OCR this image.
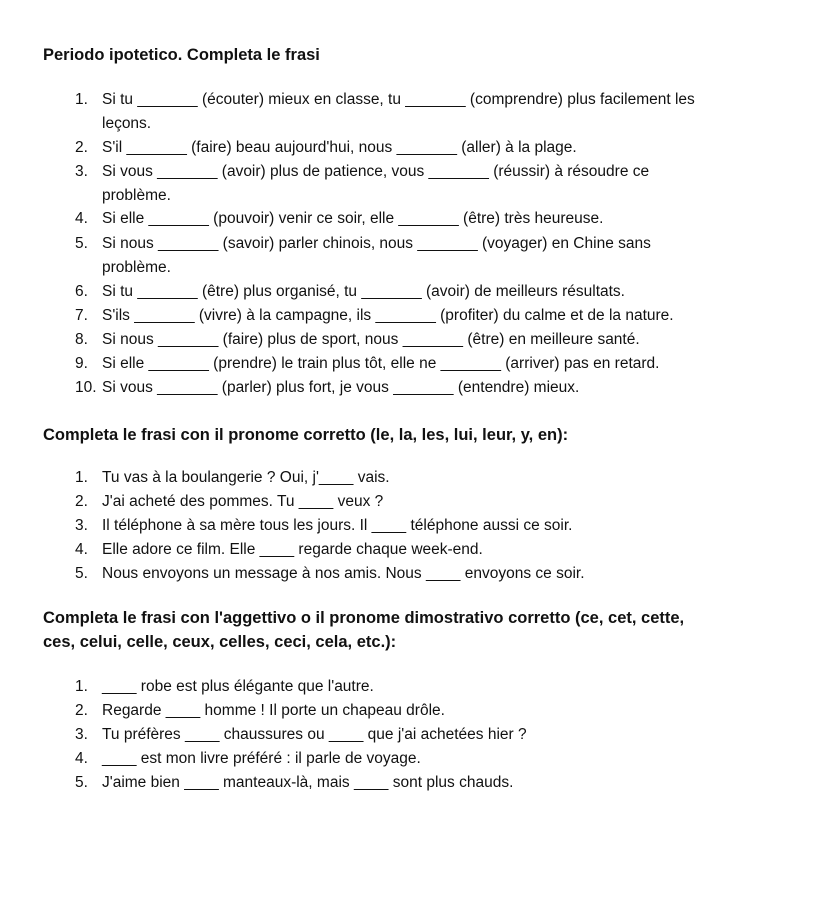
Periodo ipotetico. Completa le frasi
1. Si tu _______ (écouter) mieux en classe, tu _______ (comprendre) plus facilement les
leçons.
2. S'il _______ (faire) beau aujourd'hui, nous _______ (aller) à la plage.
3. Si vous _______ (avoir) plus de patience, vous _______ (réussir) à résoudre ce
problème.
4. Si elle _______ (pouvoir) venir ce soir, elle _______ (être) très heureuse.
5. Si nous _______ (savoir) parler chinois, nous _______ (voyager) en Chine sans
problème.
6. Si tu _______ (être) plus organisé, tu _______ (avoir) de meilleurs résultats.
7. S'ils _______ (vivre) à la campagne, ils _______ (profiter) du calme et de la nature.
8. Si nous _______ (faire) plus de sport, nous _______ (être) en meilleure santé.
9. Si elle _______ (prendre) le train plus tôt, elle ne _______ (arriver) pas en retard.
10. Si vous _______ (parler) plus fort, je vous _______ (entendre) mieux.
Completa le frasi con il pronome corretto (le, la, les, lui, leur, y, en):
1. Tu vas à la boulangerie ? Oui, j'____ vais.
2. J'ai acheté des pommes. Tu ____ veux ?
3. Il téléphone à sa mère tous les jours. Il ____ téléphone aussi ce soir.
4. Elle adore ce film. Elle ____ regarde chaque week-end.
5. Nous envoyons un message à nos amis. Nous ____ envoyons ce soir.
Completa le frasi con l'aggettivo o il pronome dimostrativo corretto (ce, cet, cette,
ces, celui, celle, ceux, celles, ceci, cela, etc.):
1. ____ robe est plus élégante que l'autre.
2. Regarde ____ homme ! Il porte un chapeau drôle.
3. Tu préfères ____ chaussures ou ____ que j'ai achetées hier ?
4. ____ est mon livre préféré : il parle de voyage.
5. J'aime bien ____ manteaux-là, mais ____ sont plus chauds.
